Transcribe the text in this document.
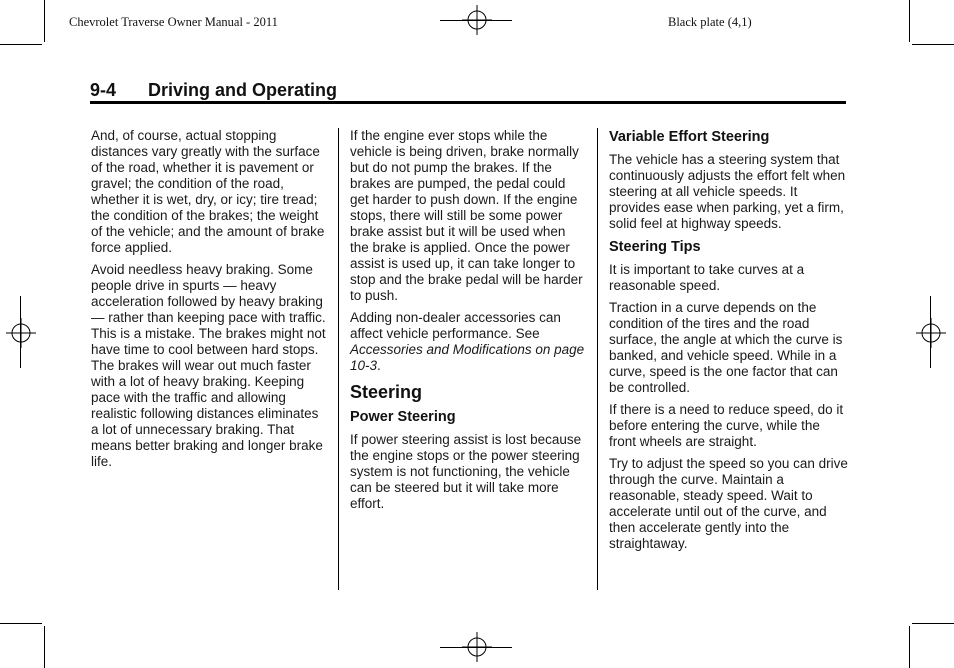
Chevrolet Traverse Owner Manual - 2011	Black plate (4,1)
9-4 Driving and Operating

And, of course, actual stopping distances vary greatly with the surface of the road, whether it is pavement or gravel; the condition of the road, whether it is wet, dry, or icy; tire tread; the condition of the brakes; the weight of the vehicle; and the amount of brake force applied.

Avoid needless heavy braking. Some people drive in spurts — heavy acceleration followed by heavy braking — rather than keeping pace with traffic. This is a mistake. The brakes might not have time to cool between hard stops. The brakes will wear out much faster with a lot of heavy braking. Keeping pace with the traffic and allowing realistic following distances eliminates a lot of unnecessary braking. That means better braking and longer brake life.

If the engine ever stops while the vehicle is being driven, brake normally but do not pump the brakes. If the brakes are pumped, the pedal could get harder to push down. If the engine stops, there will still be some power brake assist but it will be used when the brake is applied. Once the power assist is used up, it can take longer to stop and the brake pedal will be harder to push.

Adding non-dealer accessories can affect vehicle performance. See Accessories and Modifications on page 10-3.

Steering
Power Steering

If power steering assist is lost because the engine stops or the power steering system is not functioning, the vehicle can be steered but it will take more effort.

Variable Effort Steering

The vehicle has a steering system that continuously adjusts the effort felt when steering at all vehicle speeds. It provides ease when parking, yet a firm, solid feel at highway speeds.

Steering Tips

It is important to take curves at a reasonable speed.

Traction in a curve depends on the condition of the tires and the road surface, the angle at which the curve is banked, and vehicle speed. While in a curve, speed is the one factor that can be controlled.

If there is a need to reduce speed, do it before entering the curve, while the front wheels are straight.

Try to adjust the speed so you can drive through the curve. Maintain a reasonable, steady speed. Wait to accelerate until out of the curve, and then accelerate gently into the straightaway.
